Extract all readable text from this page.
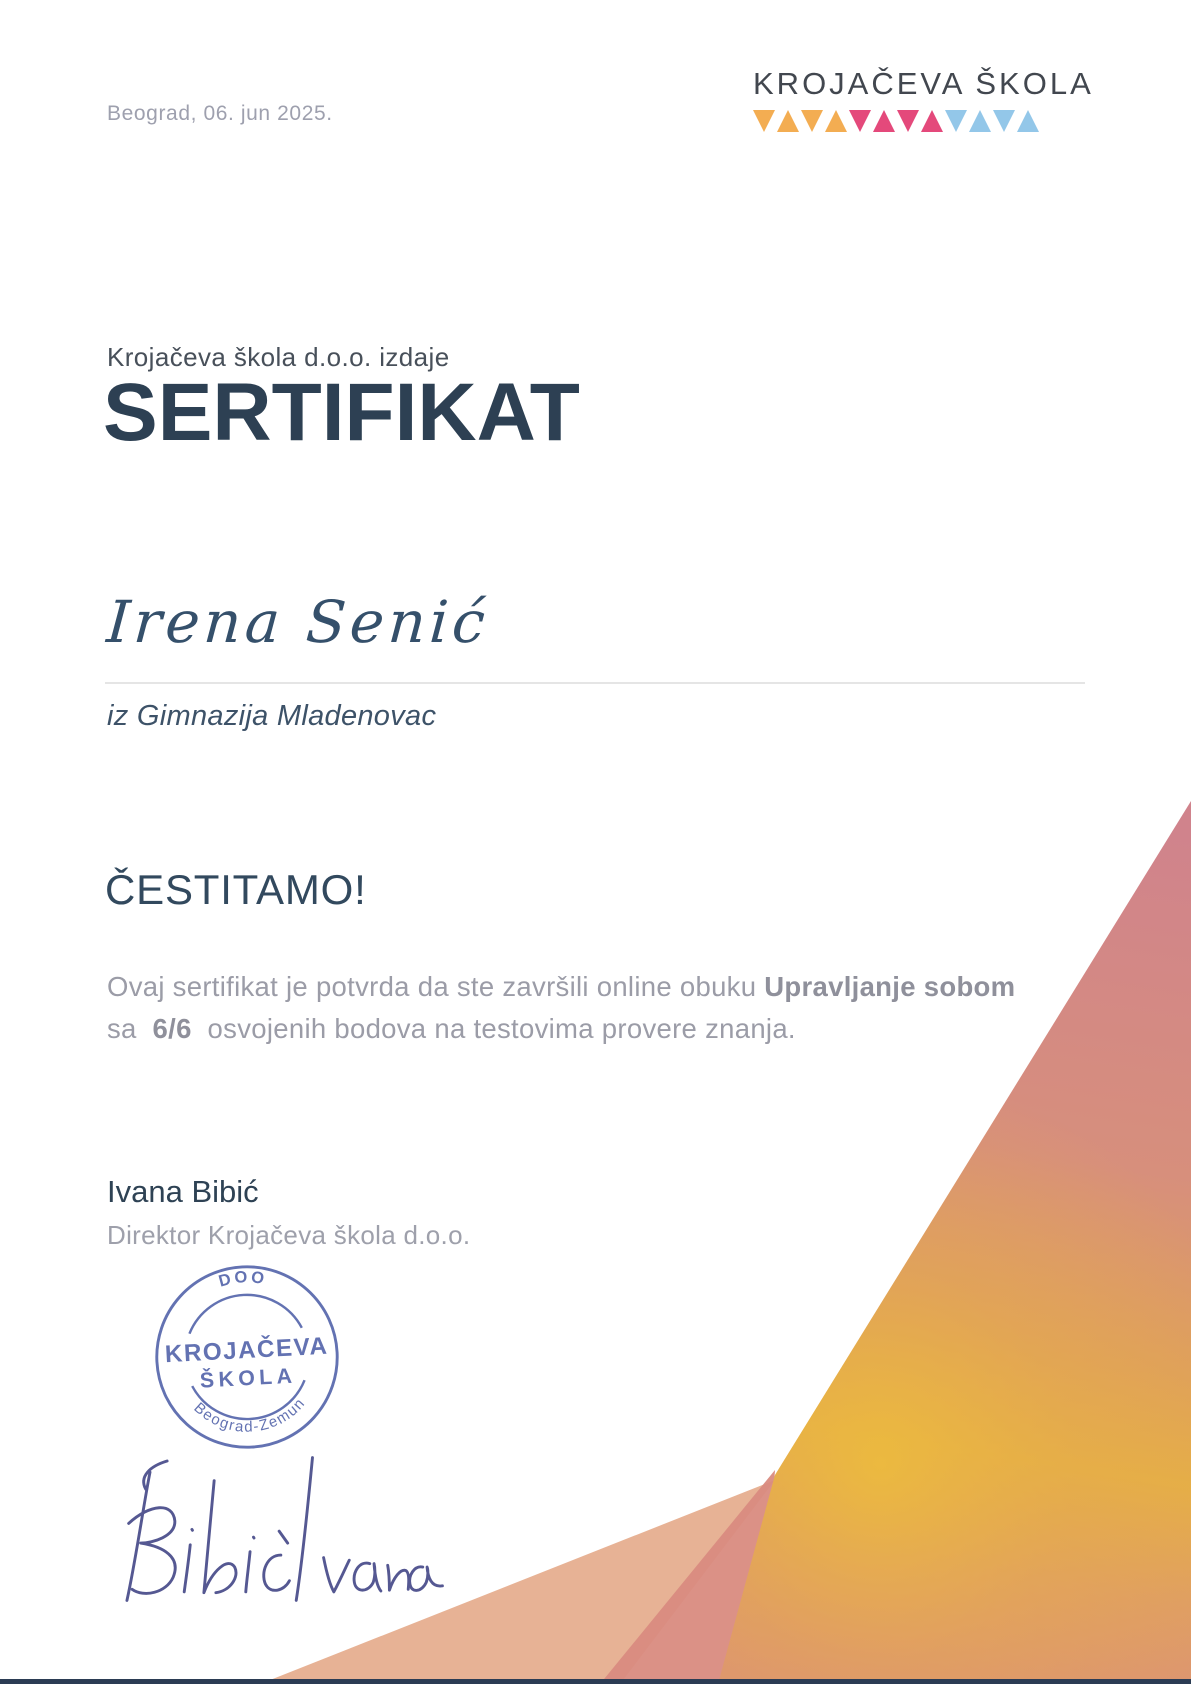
Beograd, 06. jun 2025.
KROJAČEVA ŠKOLA
Krojačeva škola d.o.o. izdaje
SERTIFIKAT
Irena Senić
iz Gimnazija Mladenovac
ČESTITAMO!

Ovaj sertifikat je potvrda da ste završili online obuku Upravljanje sobom
sa  6/6  osvojenih bodova na testovima provere znanja.

Ivana Bibić
Direktor Krojačeva škola d.o.o.
DOO
Beograd-Zemun
KROJAČEVA
ŠKOLA
